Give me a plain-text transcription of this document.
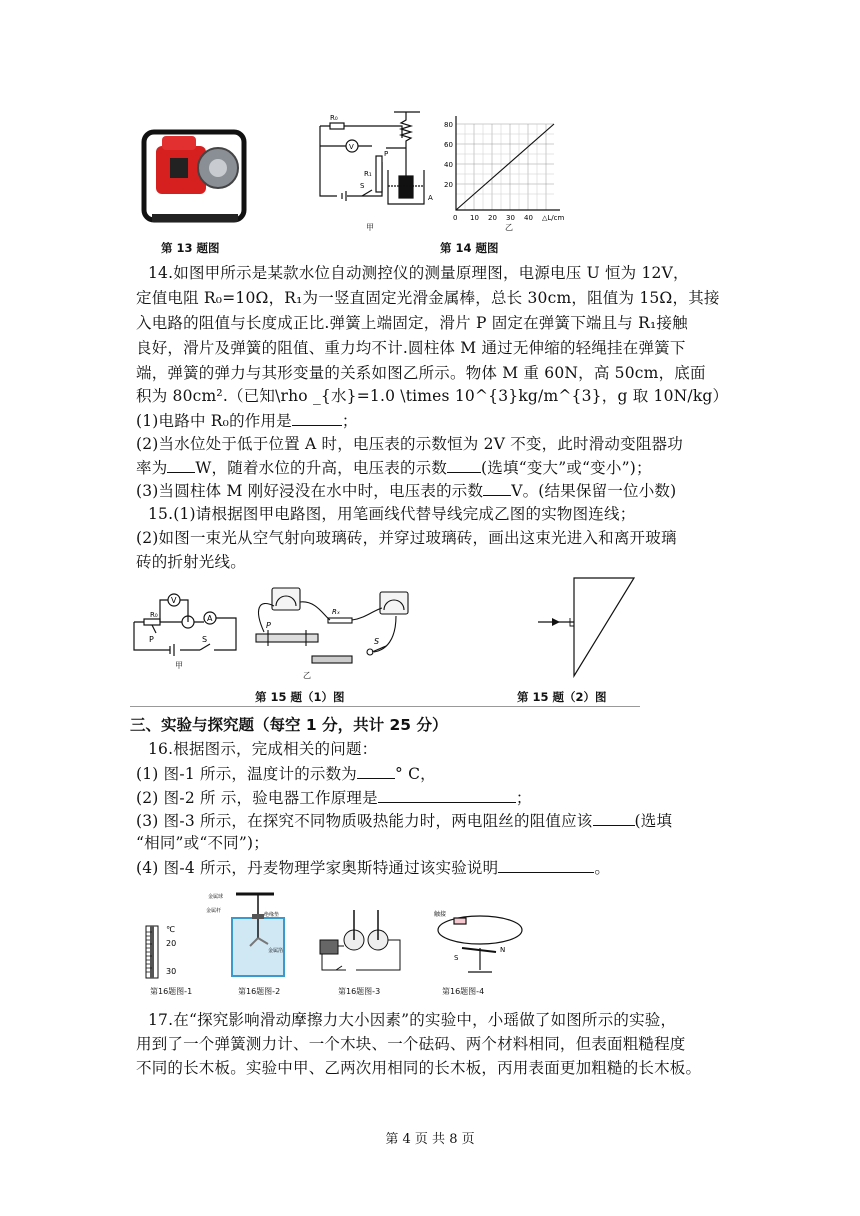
第 13 题图
R₀
V
R₁
P
S
A
甲
80
60
40
20
0 10 20 30 40 △L/cm
乙
第 14 题图
14.如图甲所示是某款水位自动测控仪的测量原理图，电源电压 U 恒为 12V，
定值电阻 R₀=10Ω，R₁为一竖直固定光滑金属棒，总长 30cm，阻值为 15Ω，其接
入电路的阻值与长度成正比.弹簧上端固定，滑片 P 固定在弹簧下端且与 R₁接触
良好，滑片及弹簧的阻值、重力均不计.圆柱体 M 通过无伸缩的轻绳挂在弹簧下
端，弹簧的弹力与其形变量的关系如图乙所示。物体 M 重 60N，高 50cm，底面
积为 80cm².（已知\rho _{水}=1.0 \times 10^{3}kg/m^{3}，g 取 10N/kg）
(1)电路中 R₀的作用是	；
(2)当水位处于低于位置 A 时，电压表的示数恒为 2V 不变，此时滑动变阻器功
率为 W，随着水位的升高，电压表的示数 (选填“变大”或“变小”)；
(3)当圆柱体 M 刚好浸没在水中时，电压表的示数 V。(结果保留一位小数)
15.(1)请根据图甲电路图，用笔画线代替导线完成乙图的实物图连线；
(2)如图一束光从空气射向玻璃砖，并穿过玻璃砖，画出这束光进入和离开玻璃
砖的折射光线。
V
A
P
R₀
S
甲
Rₓ
P
S
乙
第 15 题（1）图	第 15 题（2）图
三、实验与探究题（每空 1 分，共计 25 分）
16.根据图示，完成相关的问题：
(1) 图-1 所示，温度计的示数为 ° C，
(2) 图-2 所 示，验电器工作原理是	；
(3) 图-3 所示，在探究不同物质吸热能力时，两电阻丝的阻值应该	(选填
“相同”或“不同”)；
(4) 图-4 所示，丹麦物理学家奥斯特通过该实验说明	。
℃
20
30
金属球
金属杆
绝缘垫
金属箔
触接
S
N
第16题图-1	第16题图-2	第16题图-3	第16题图-4
17.在“探究影响滑动摩擦力大小因素”的实验中，小瑶做了如图所示的实验，
用到了一个弹簧测力计、一个木块、一个砝码、两个材料相同，但表面粗糙程度
不同的长木板。实验中甲、乙两次用相同的长木板，丙用表面更加粗糙的长木板。
第 4 页 共 8 页
